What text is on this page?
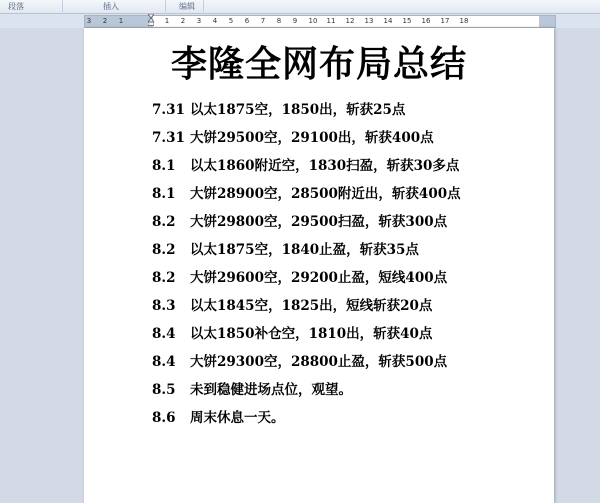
段落	插入	编辑
3 2 1	1 2 3 4 5 6 7 8 9 10 11 12 13 14 15 16 17 18
李隆全网布局总结
7.31 以太1875空，1850出，斩获25点
7.31 大饼29500空，29100出，斩获400点
8.1 以太1860附近空，1830扫盈，斩获30多点
8.1 大饼28900空，28500附近出，斩获400点
8.2 大饼29800空，29500扫盈，斩获300点
8.2 以太1875空，1840止盈，斩获35点
8.2 大饼29600空，29200止盈，短线400点
8.3 以太1845空，1825出，短线斩获20点
8.4 以太1850补仓空，1810出，斩获40点
8.4 大饼29300空，28800止盈，斩获500点
8.5 未到稳健进场点位，观望。
8.6 周末休息一天。
